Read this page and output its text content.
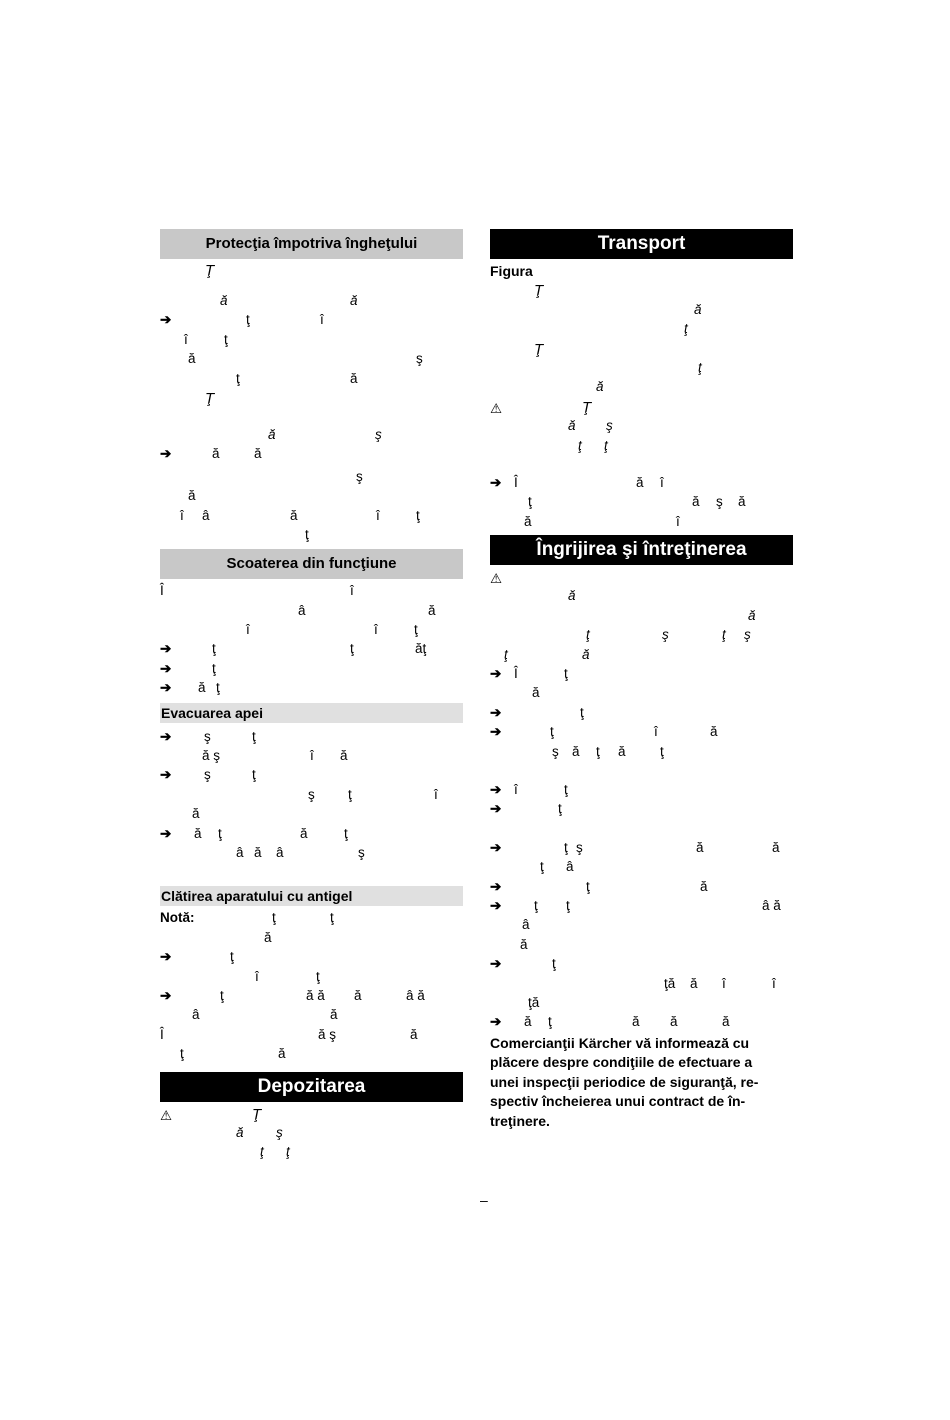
Protecţia împotriva îngheţului
Ţ
ă	ă
➔	ţ	î
î	ţ
ă	ş
ţ	ă
Ţ
ă	ş
➔	ă	ă
ş
ă
î â	ă	î	ţ
ţ
Scoaterea din funcţiune
Î	î
â	ă
î	î	ţ
➔	ţ	ţ	ăţ
➔	ţ
➔ ă ţ
Evacuarea apei
➔ ş	ţ
ă ş	î ă
➔ ş	ţ
ş ţ	î
ă
➔ ă ţ	ă	ţ
â ă â	ş
Clătirea aparatului cu antigel
Notă:	ţ	ţ
ă
➔	ţ
î	ţ
➔	ţ	ă ă ă	â ă
â	ă
Î	ă ş	ă
ţ	ă
Depozitarea
⚠	Ţ
ă ş
ţ ţ
Transport
Figura
Ţ
ă
ţ
Ţ
ţ
ă
⚠	Ţ
ă ş
ţ ţ
➔ Î	ă î
ţ	ă ş ă
ă	î
Îngrijirea şi întreţinerea
⚠
ă
ă
ţ	ş	ţ ş
ţ	ă
➔ Î	ţ
ă
➔	ţ
➔	ţ	î	ă
ş ă ţ ă	ţ
➔ î	ţ
➔	ţ
➔	ţ ş	ă	ă
ţ â
➔	ţ	ă
➔ ţ ţ	â ă
â
ă
➔	ţ
ţă ă î	î
ţă
➔ ă ţ	ă ă	ă
Comercianţii Kärcher vă informează cu
plăcere despre condiţiile de efectuare a
unei inspecţii periodice de siguranţă, re-
spectiv încheierea unui contract de în-
treţinere.
–
